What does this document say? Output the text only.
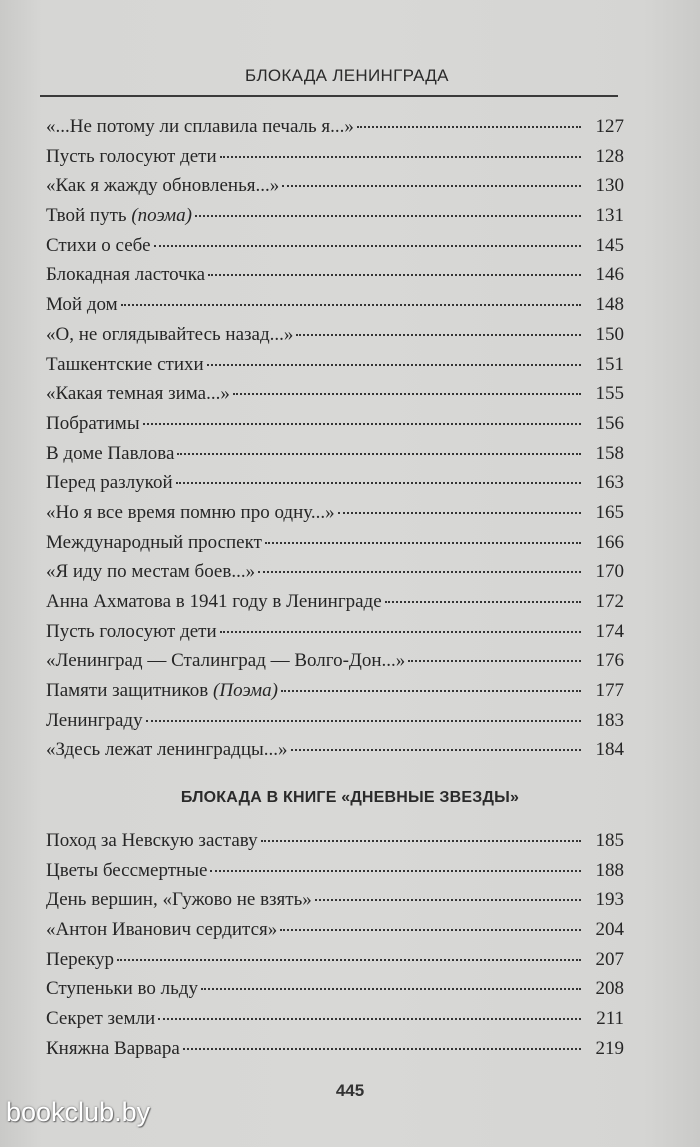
БЛОКАДА ЛЕНИНГРАДА
«...Не потому ли сплавила печаль я...»	127
Пусть голосуют дети	128
«Как я жажду обновленья...»	130
Твой путь (поэма)	131
Стихи о себе	145
Блокадная ласточка	146
Мой дом	148
«О, не оглядывайтесь назад...»	150
Ташкентские стихи	151
«Какая темная зима...»	155
Побратимы	156
В доме Павлова	158
Перед разлукой	163
«Но я все время помню про одну...»	165
Международный проспект	166
«Я иду по местам боев...»	170
Анна Ахматова в 1941 году в Ленинграде	172
Пусть голосуют дети	174
«Ленинград — Сталинград — Волго-Дон...»	176
Памяти защитников (Поэма)	177
Ленинграду	183
«Здесь лежат ленинградцы...»	184
БЛОКАДА В КНИГЕ «ДНЕВНЫЕ ЗВЕЗДЫ»
Поход за Невскую заставу	185
Цветы бессмертные	188
День вершин, «Гужово не взять»	193
«Антон Иванович сердится»	204
Перекур	207
Ступеньки во льду	208
Секрет земли	211
Княжна Варвара	219
445
bookclub.by
